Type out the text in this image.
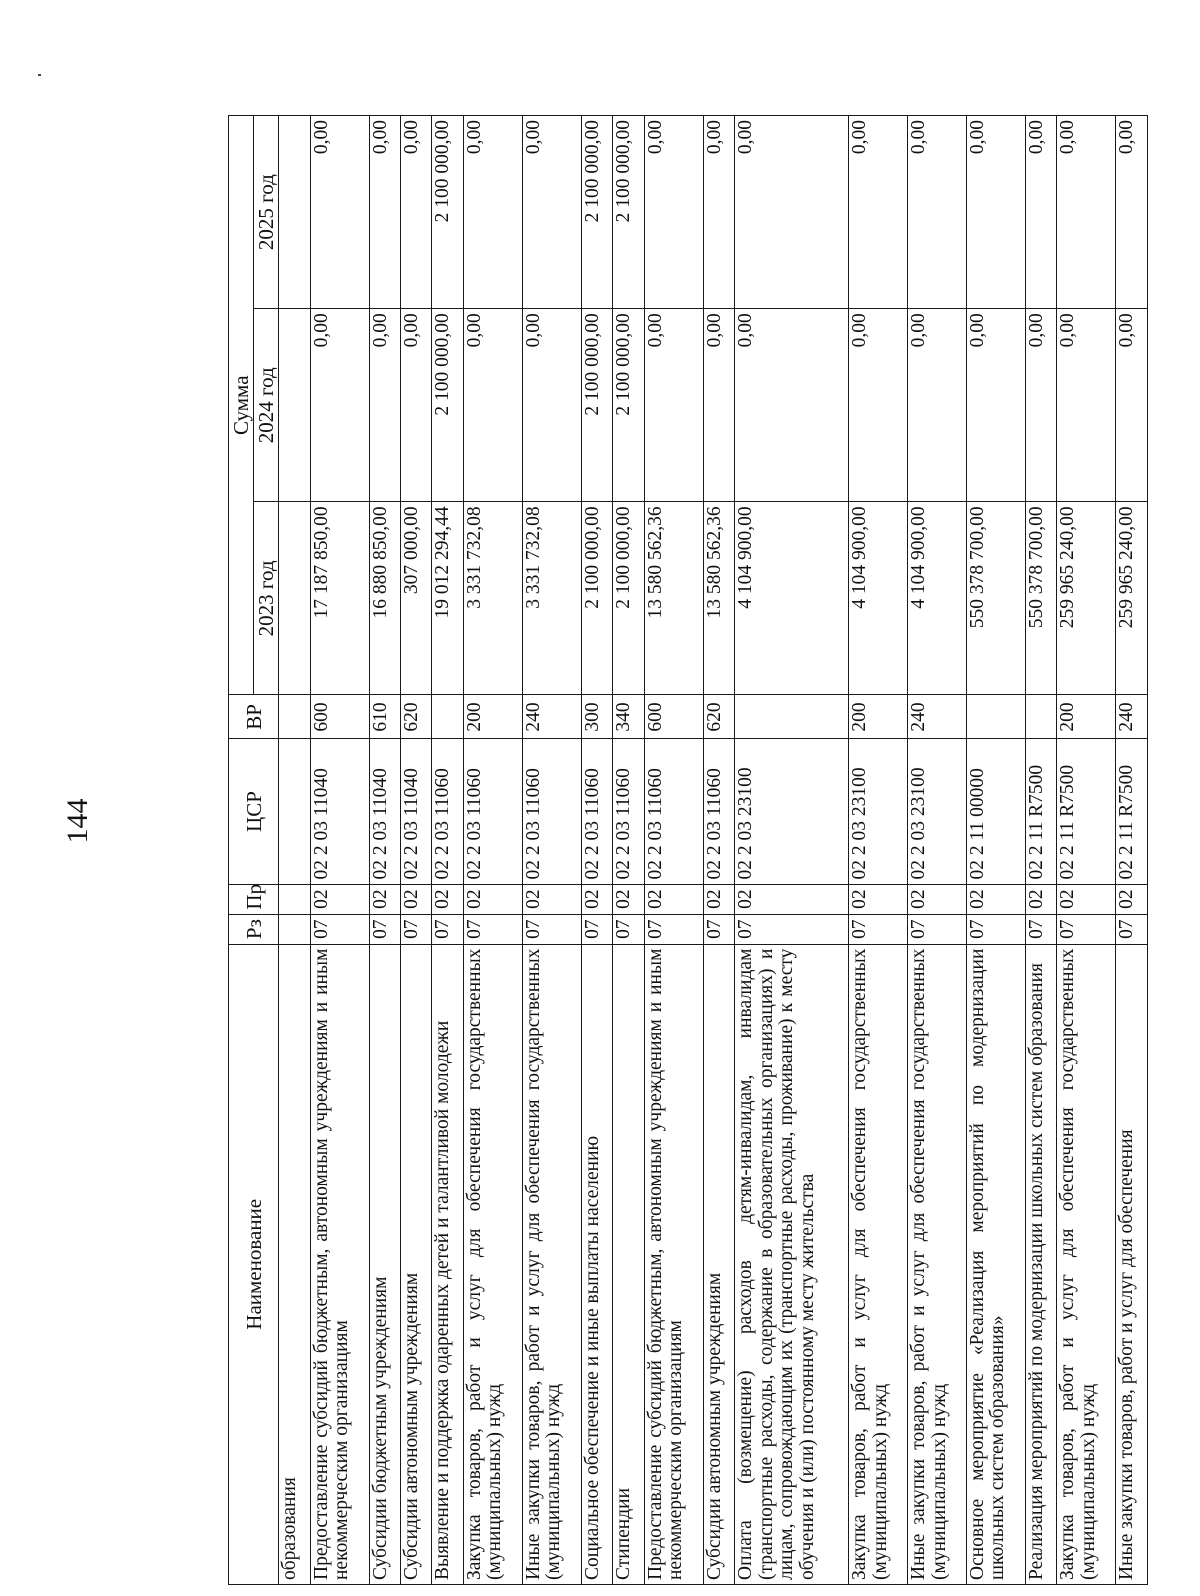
144
Наименование	Рз	Пр	ЦСР	ВР	Сумма		
					2023 год	2024 год	2025 год
образования							
Предоставление субсидий бюджетным, автономным учреждениям и иным некоммерческим организациям	07	02	02 2 03 11040	600	17 187 850,00	0,00	0,00
Субсидии бюджетным учреждениям	07	02	02 2 03 11040	610	16 880 850,00	0,00	0,00
Субсидии автономным учреждениям	07	02	02 2 03 11040	620	307 000,00	0,00	0,00
Выявление и поддержка одаренных детей и талантливой молодежи	07	02	02 2 03 11060		19 012 294,44	2 100 000,00	2 100 000,00
Закупка товаров, работ и услуг для обеспечения государственных (муниципальных) нужд	07	02	02 2 03 11060	200	3 331 732,08	0,00	0,00
Иные закупки товаров, работ и услуг для обеспечения государственных (муниципальных) нужд	07	02	02 2 03 11060	240	3 331 732,08	0,00	0,00
Социальное обеспечение и иные выплаты населению	07	02	02 2 03 11060	300	2 100 000,00	2 100 000,00	2 100 000,00
Стипендии	07	02	02 2 03 11060	340	2 100 000,00	2 100 000,00	2 100 000,00
Предоставление субсидий бюджетным, автономным учреждениям и иным некоммерческим организациям	07	02	02 2 03 11060	600	13 580 562,36	0,00	0,00
Субсидии автономным учреждениям	07	02	02 2 03 11060	620	13 580 562,36	0,00	0,00
Оплата (возмещение) расходов детям-инвалидам, инвалидам (транспортные расходы, содержание в образовательных организациях) и лицам, сопровождающим их (транспортные расходы, проживание) к месту обучения и (или) постоянному месту жительства	07	02	02 2 03 23100		4 104 900,00	0,00	0,00
Закупка товаров, работ и услуг для обеспечения государственных (муниципальных) нужд	07	02	02 2 03 23100	200	4 104 900,00	0,00	0,00
Иные закупки товаров, работ и услуг для обеспечения государственных (муниципальных) нужд	07	02	02 2 03 23100	240	4 104 900,00	0,00	0,00
Основное мероприятие «Реализация мероприятий по модернизации школьных систем образования»	07	02	02 2 11 00000		550 378 700,00	0,00	0,00
Реализация мероприятий по модернизации школьных систем образования	07	02	02 2 11 R7500		550 378 700,00	0,00	0,00
Закупка товаров, работ и услуг для обеспечения государственных (муниципальных) нужд	07	02	02 2 11 R7500	200	259 965 240,00	0,00	0,00
Иные закупки товаров, работ и услуг для обеспечения	07	02	02 2 11 R7500	240	259 965 240,00	0,00	0,00
